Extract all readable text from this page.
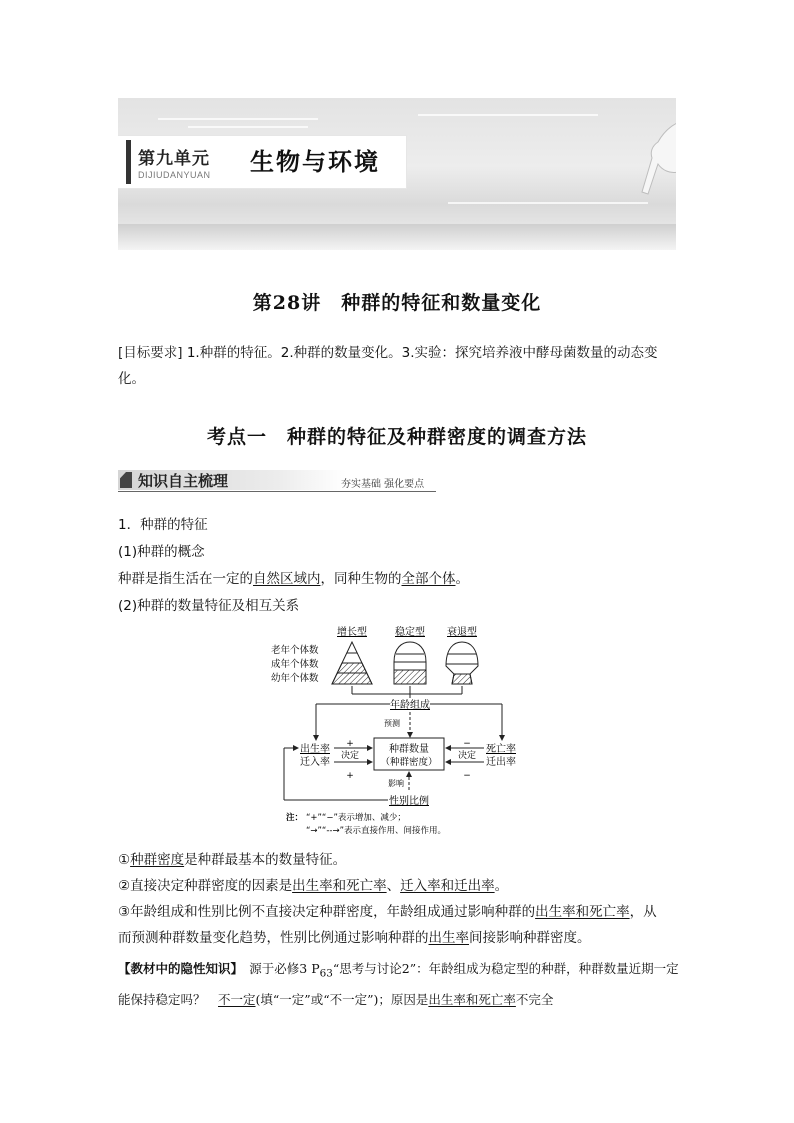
第九单元
DIJIUDANYUAN 生物与环境
第28讲　种群的特征和数量变化
[目标要求] 1.种群的特征。2.种群的数量变化。3.实验：探究培养液中酵母菌数量的动态变化。
考点一　种群的特征及种群密度的调查方法
知识自主梳理	夯实基础 强化要点
1．种群的特征
(1)种群的概念
种群是指生活在一定的自然区域内，同种生物的全部个体。
(2)种群的数量特征及相互关系
增长型	稳定型 衰退型
老年个体数
成年个体数
幼年个体数
年龄组成
预测
种群数量
（种群密度）
出生率
迁入率
+
决定
+
死亡率
迁出率
−
决定
−
影响
性别比例
注： “+”“−”表示增加、减少；
“→”“--→”表示直接作用、间接作用。
①种群密度是种群最基本的数量特征。
②直接决定种群密度的因素是出生率和死亡率、迁入率和迁出率。
③年龄组成和性别比例不直接决定种群密度，年龄组成通过影响种群的出生率和死亡率，从
而预测种群数量变化趋势，性别比例通过影响种群的出生率间接影响种群密度。
【教材中的隐性知识】　源于必修3 $P_{63}“$思考与讨论2”：年龄组成为稳定型的种群，种群数量近期一定能保持稳定吗？　不一定(填“一定”或“不一定”)；原因是出生率和死亡率不完全
